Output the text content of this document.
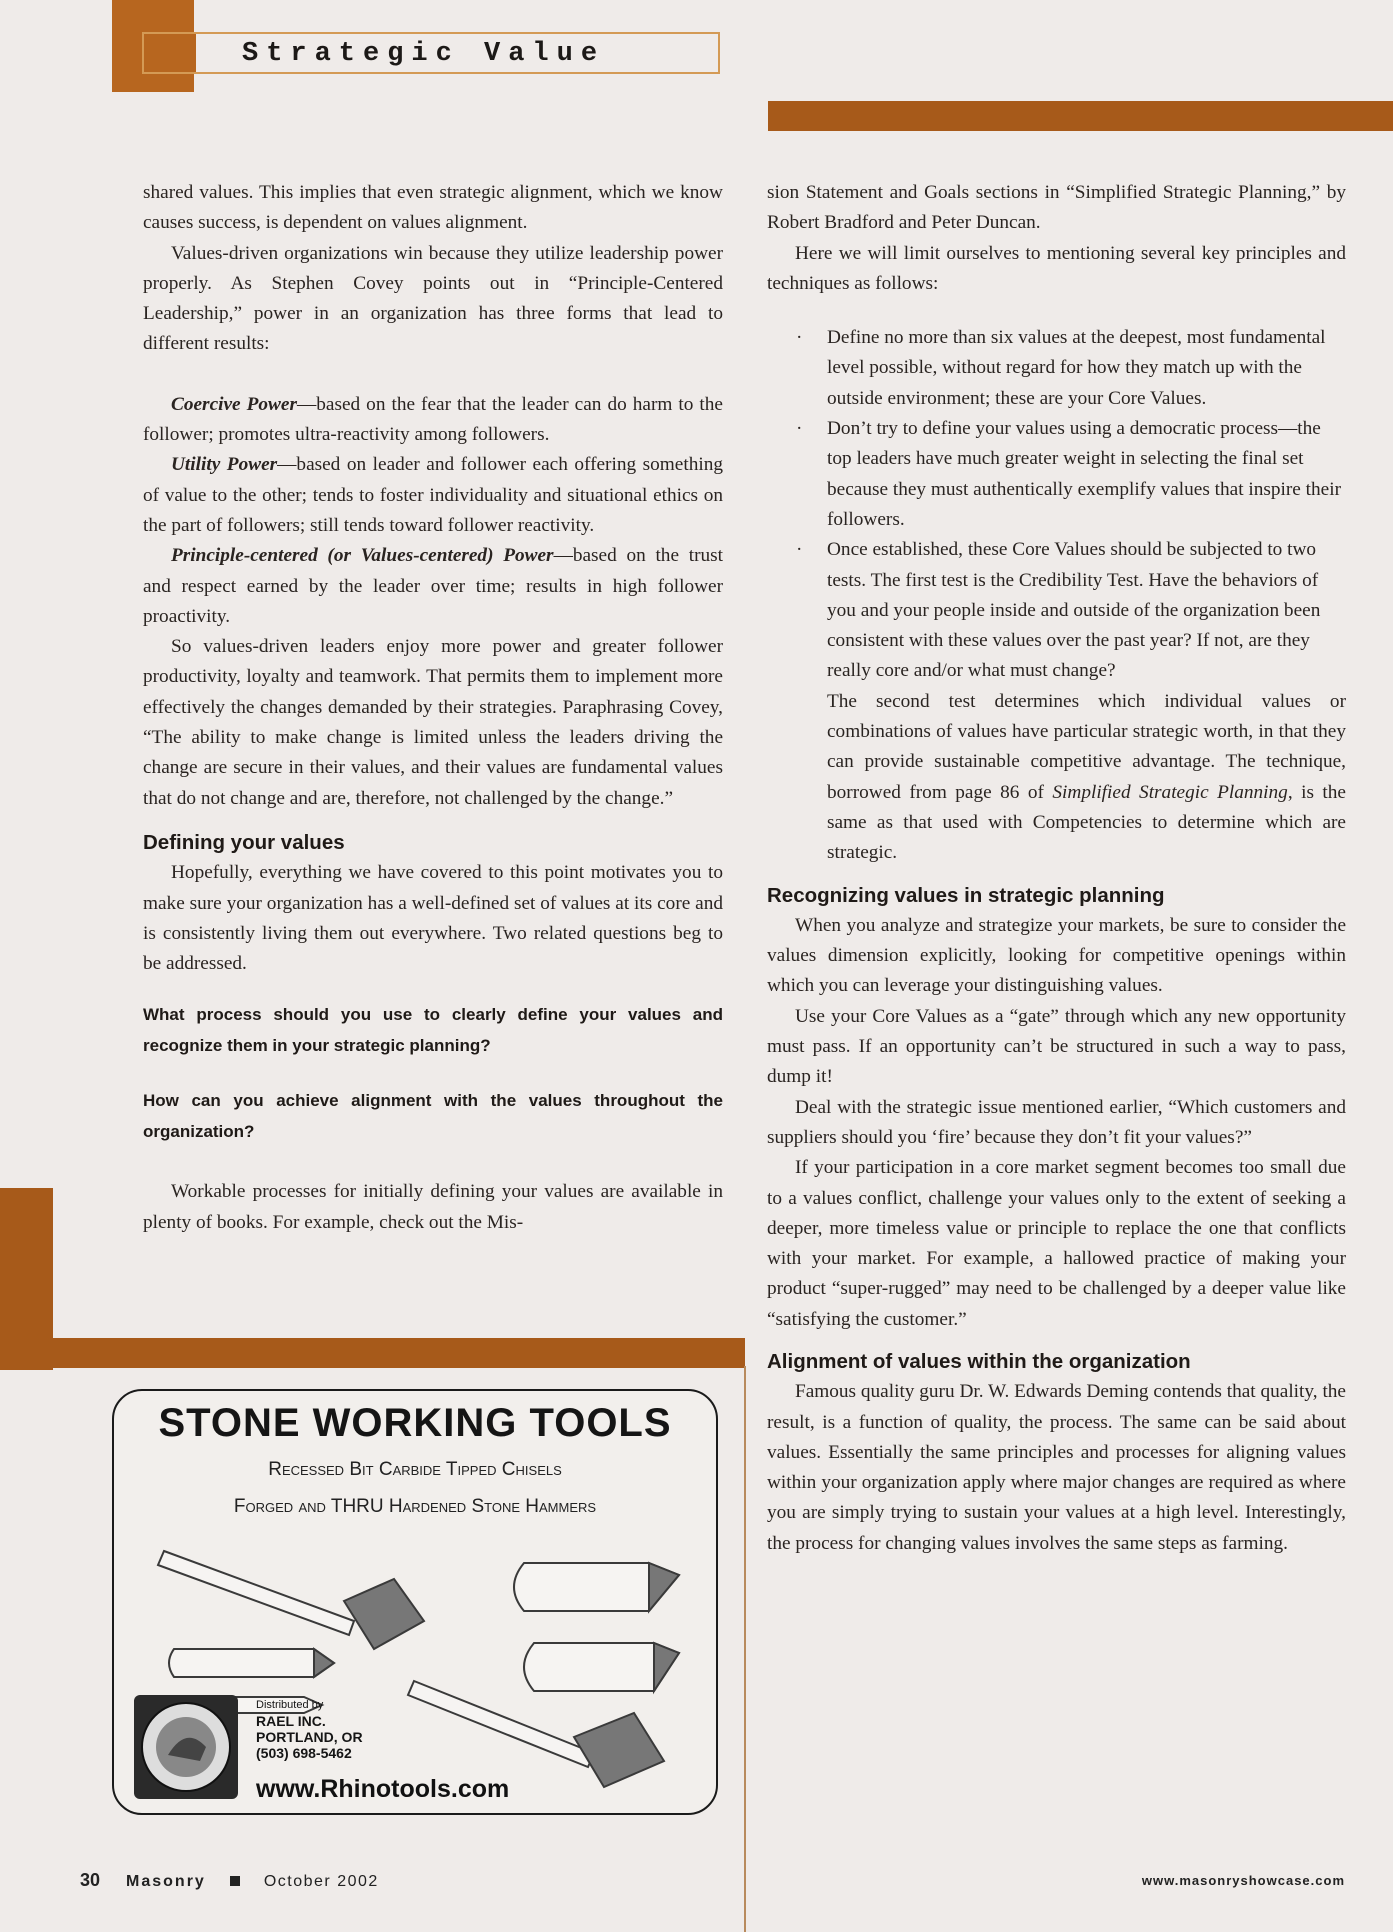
Strategic Value

shared values. This implies that even strategic alignment, which we know causes success, is dependent on values alignment.

Values-driven organizations win because they utilize leadership power properly. As Stephen Covey points out in “Principle-Centered Leadership,” power in an organization has three forms that lead to different results:

Coercive Power—based on the fear that the leader can do harm to the follower; promotes ultra-reactivity among followers.

Utility Power—based on leader and follower each offering something of value to the other; tends to foster individuality and situational ethics on the part of followers; still tends toward follower reactivity.

Principle-centered (or Values-centered) Power—based on the trust and respect earned by the leader over time; results in high follower proactivity.

So values-driven leaders enjoy more power and greater follower productivity, loyalty and teamwork. That permits them to implement more effectively the changes demanded by their strategies. Paraphrasing Covey, “The ability to make change is limited unless the leaders driving the change are secure in their values, and their values are fundamental values that do not change and are, therefore, not challenged by the change.”

Defining your values

Hopefully, everything we have covered to this point motivates you to make sure your organization has a well-defined set of values at its core and is consistently living them out everywhere. Two related questions beg to be addressed.

What process should you use to clearly define your values and recognize them in your strategic planning?

How can you achieve alignment with the values throughout the organization?

Workable processes for initially defining your values are available in plenty of books. For example, check out the Mis-

sion Statement and Goals sections in “Simplified Strategic Planning,” by Robert Bradford and Peter Duncan.

Here we will limit ourselves to mentioning several key principles and techniques as follows:

· Define no more than six values at the deepest, most fundamental level possible, without regard for how they match up with the outside environment; these are your Core Values.
· Don’t try to define your values using a democratic process—the top leaders have much greater weight in selecting the final set because they must authentically exemplify values that inspire their followers.
· Once established, these Core Values should be subjected to two tests. The first test is the Credibility Test. Have the behaviors of you and your people inside and outside of the organization been consistent with these values over the past year? If not, are they really core and/or what must change?

The second test determines which individual values or combinations of values have particular strategic worth, in that they can provide sustainable competitive advantage. The technique, borrowed from page 86 of Simplified Strategic Planning, is the same as that used with Competencies to determine which are strategic.

Recognizing values in strategic planning

When you analyze and strategize your markets, be sure to consider the values dimension explicitly, looking for competitive openings within which you can leverage your distinguishing values.

Use your Core Values as a “gate” through which any new opportunity must pass. If an opportunity can’t be structured in such a way to pass, dump it!

Deal with the strategic issue mentioned earlier, “Which customers and suppliers should you ‘fire’ because they don’t fit your values?”

If your participation in a core market segment becomes too small due to a values conflict, challenge your values only to the extent of seeking a deeper, more timeless value or principle to replace the one that conflicts with your market. For example, a hallowed practice of making your product “super-rugged” may need to be challenged by a deeper value like “satisfying the customer.”

Alignment of values within the organization

Famous quality guru Dr. W. Edwards Deming contends that quality, the result, is a function of quality, the process. The same can be said about values. Essentially the same principles and processes for aligning values within your organization apply where major changes are required as where you are simply trying to sustain your values at a high level. Interestingly, the process for changing values involves the same steps as farming.

STONE WORKING TOOLS
Recessed Bit Carbide Tipped Chisels
Forged and THRU Hardened Stone Hammers
Distributed by
RAEL INC.
PORTLAND, OR
(503) 698-5462
www.Rhinotools.com
30 Masonry	October 2002	www.masonryshowcase.com
